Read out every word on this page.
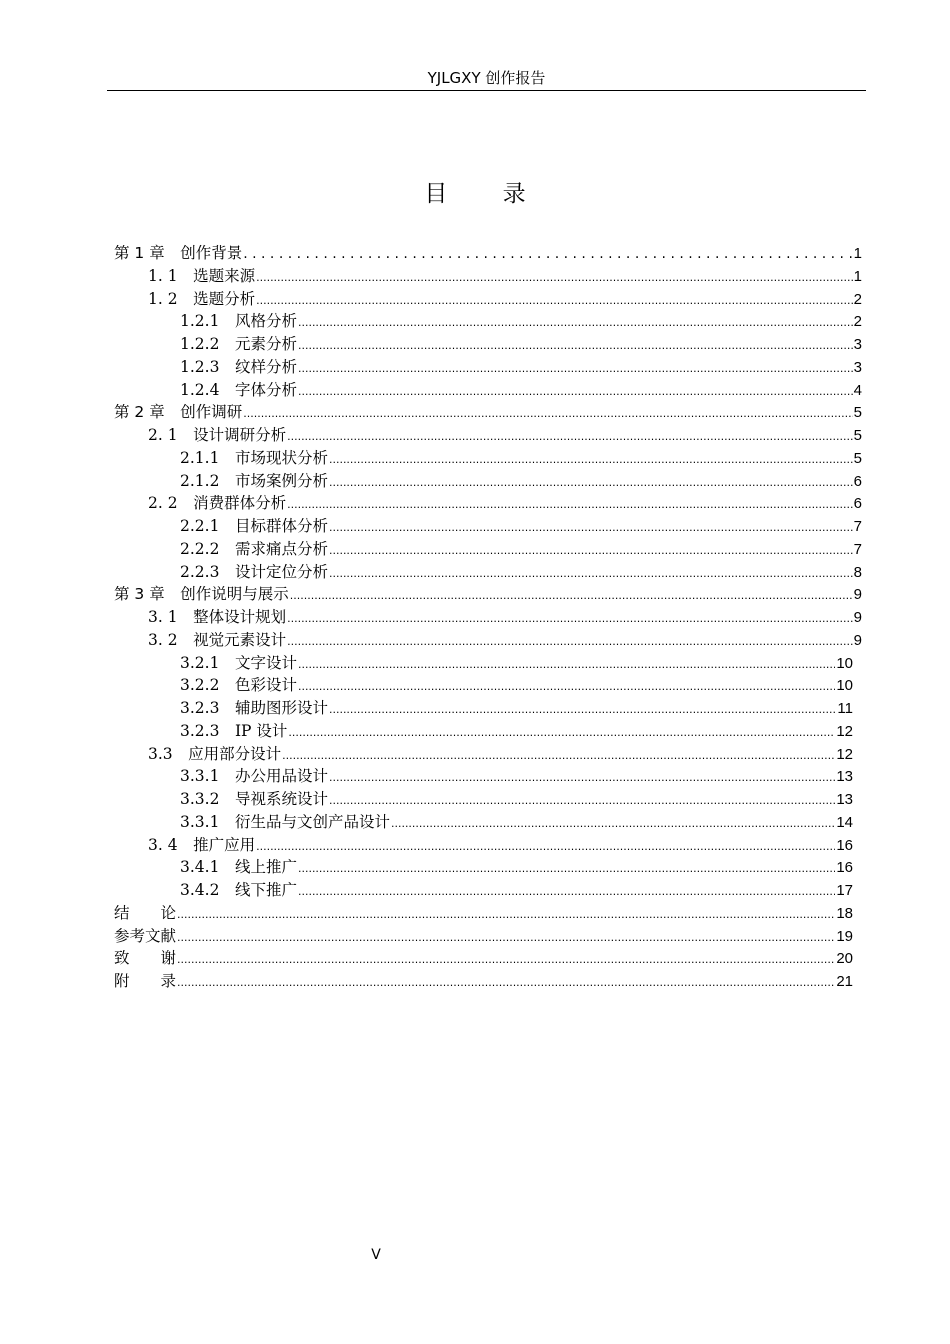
YJLGXY 创作报告
目 录
第 1 章　创作背景 . . .	1
1. 1　选题来源 .....	1
1. 2　选题分析 .....	2
1.2.1　风格分析 .....	2
1.2.2　元素分析 .....	3
1.2.3　纹样分析 .....	3
1.2.4　字体分析 .....	4
第 2 章　创作调研 .....	5
2. 1　设计调研分析 .....	5
2.1.1　市场现状分析 .....	5
2.1.2　市场案例分析 .....	6
2. 2　消费群体分析 .....	6
2.2.1　目标群体分析 .....	7
2.2.2　需求痛点分析 .....	7
2.2.3　设计定位分析 .....	8
第 3 章　创作说明与展示 .....	9
3. 1　整体设计规划 .....	9
3. 2　视觉元素设计 .....	9
3.2.1　文字设计 .....	10
3.2.2　色彩设计 .....	10
3.2.3　辅助图形设计 .....	11
3.2.3　IP 设计 .....	12
3.3　应用部分设计 .....	12
3.3.1　办公用品设计 .....	13
3.3.2　导视系统设计 .....	13
3.3.1　衍生品与文创产品设计 .....	14
3. 4　推广应用 .....	16
3.4.1　线上推广 .....	16
3.4.2　线下推广 .....	17
结　　论 .....	18
参考文献 .....	19
致　　谢 .....	20
附　　录 .....	21
V
